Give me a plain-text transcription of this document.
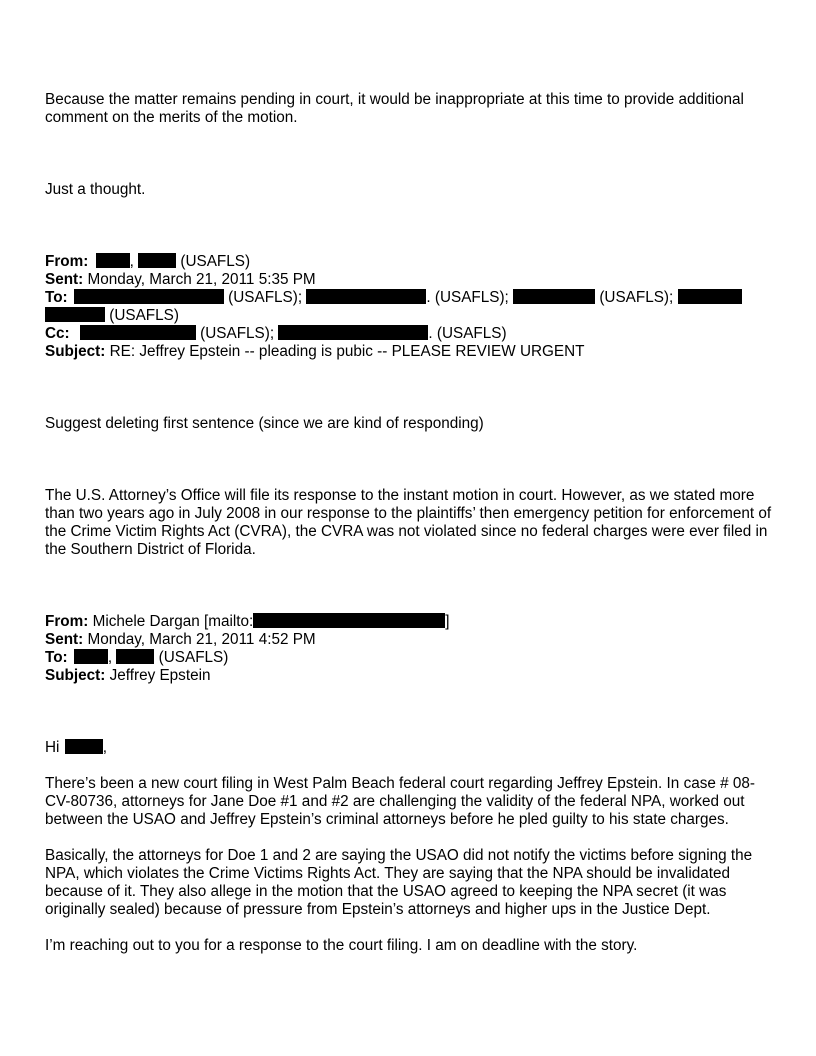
Because the matter remains pending in court, it would be inappropriate at this time to provide additional comment on the merits of the motion.

Just a thought.

From:	,	(USAFLS)

Sent: Monday, March 21, 2011 5:35 PM

To:	(USAFLS);	. (USAFLS);	(USAFLS);

(USAFLS)

Cc:	(USAFLS);	. (USAFLS)

Subject: RE: Jeffrey Epstein -- pleading is pubic -- PLEASE REVIEW URGENT

Suggest deleting first sentence (since we are kind of responding)

The U.S. Attorney’s Office will file its response to the instant motion in court. However, as we stated more than two years ago in July 2008 in our response to the plaintiffs’ then emergency petition for enforcement of the Crime Victim Rights Act (CVRA), the CVRA was not violated since no federal charges were ever filed in the Southern District of Florida.

From: Michele Dargan [mailto:	]

Sent: Monday, March 21, 2011 4:52 PM

To:	,	(USAFLS)

Subject: Jeffrey Epstein

Hi	,

There’s been a new court filing in West Palm Beach federal court regarding Jeffrey Epstein. In case # 08-CV-80736, attorneys for Jane Doe #1 and #2 are challenging the validity of the federal NPA, worked out between the USAO and Jeffrey Epstein’s criminal attorneys before he pled guilty to his state charges.

Basically, the attorneys for Doe 1 and 2 are saying the USAO did not notify the victims before signing the NPA, which violates the Crime Victims Rights Act. They are saying that the NPA should be invalidated because of it. They also allege in the motion that the USAO agreed to keeping the NPA secret (it was originally sealed) because of pressure from Epstein’s attorneys and higher ups in the Justice Dept.

I’m reaching out to you for a response to the court filing. I am on deadline with the story.
